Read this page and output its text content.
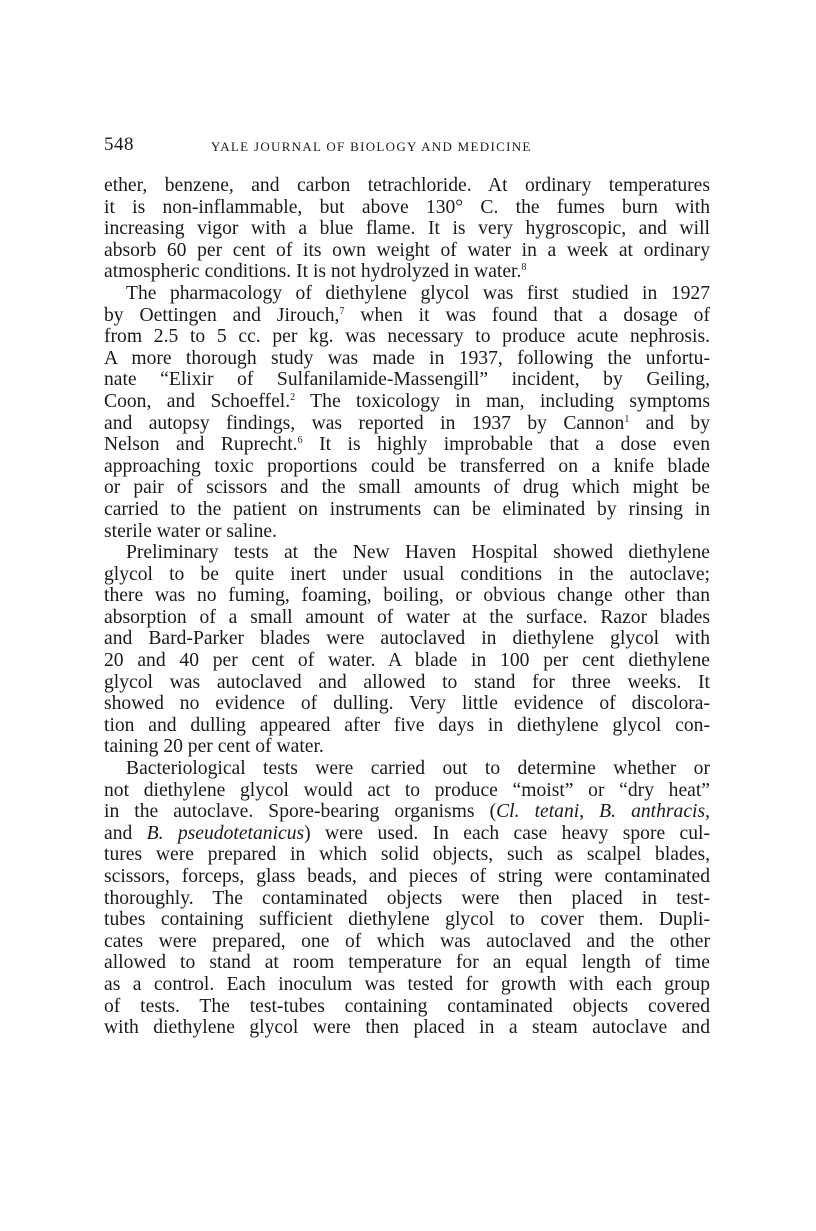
548	YALE JOURNAL OF BIOLOGY AND MEDICINE

ether, benzene, and carbon tetrachloride. At ordinary temperatures
it is non-inflammable, but above 130° C. the fumes burn with
increasing vigor with a blue flame. It is very hygroscopic, and will
absorb 60 per cent of its own weight of water in a week at ordinary
atmospheric conditions. It is not hydrolyzed in water.$^8$

The pharmacology of diethylene glycol was first studied in 1927
by Oettingen and Jirouch,$^7$ when it was found that a dosage of
from 2.5 to 5 cc. per kg. was necessary to produce acute nephrosis.
A more thorough study was made in 1937, following the unfortu-
nate “Elixir of Sulfanilamide-Massengill” incident, by Geiling,
Coon, and Schoeffel.$^2$ The toxicology in man, including symptoms
and autopsy findings, was reported in 1937 by Cannon$^1$ and by
Nelson and Ruprecht.$^6$ It is highly improbable that a dose even
approaching toxic proportions could be transferred on a knife blade
or pair of scissors and the small amounts of drug which might be
carried to the patient on instruments can be eliminated by rinsing in
sterile water or saline.

Preliminary tests at the New Haven Hospital showed diethylene
glycol to be quite inert under usual conditions in the autoclave;
there was no fuming, foaming, boiling, or obvious change other than
absorption of a small amount of water at the surface. Razor blades
and Bard-Parker blades were autoclaved in diethylene glycol with
20 and 40 per cent of water. A blade in 100 per cent diethylene
glycol was autoclaved and allowed to stand for three weeks. It
showed no evidence of dulling. Very little evidence of discolora-
tion and dulling appeared after five days in diethylene glycol con-
taining 20 per cent of water.

Bacteriological tests were carried out to determine whether or
not diethylene glycol would act to produce “moist” or “dry heat”
in the autoclave. Spore-bearing organisms (Cl. tetani, B. anthracis,
and B. pseudotetanicus) were used. In each case heavy spore cul-
tures were prepared in which solid objects, such as scalpel blades,
scissors, forceps, glass beads, and pieces of string were contaminated
thoroughly. The contaminated objects were then placed in test-
tubes containing sufficient diethylene glycol to cover them. Dupli-
cates were prepared, one of which was autoclaved and the other
allowed to stand at room temperature for an equal length of time
as a control. Each inoculum was tested for growth with each group
of tests. The test-tubes containing contaminated objects covered
with diethylene glycol were then placed in a steam autoclave and
